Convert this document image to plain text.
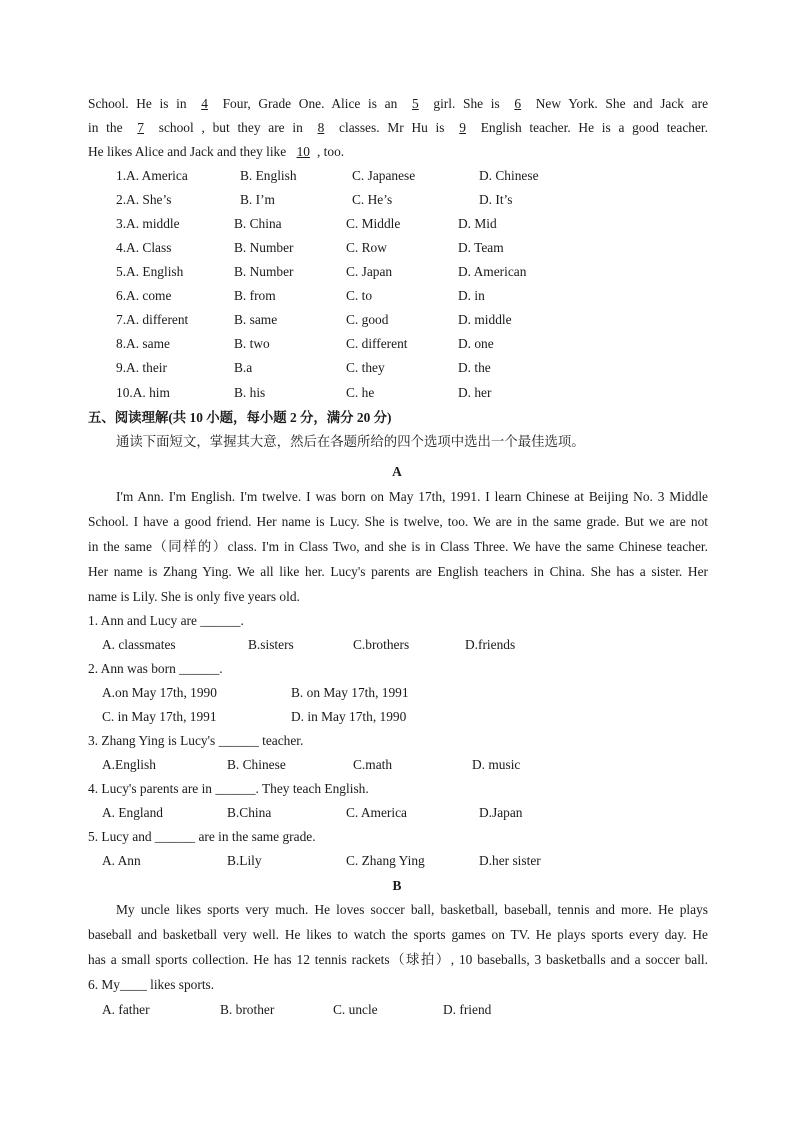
School. He is in 4 Four, Grade One. Alice is an 5 girl. She is 6 New York. She and Jack are
in the 7 school , but they are in 8 classes. Mr Hu is 9 English teacher. He is a good teacher.
He likes Alice and Jack and they like 10 , too.
1.A. America	B. English	C. Japanese	D. Chinese
2.A. She’s	B. I’m	C. He’s	D. It’s
3.A. middle	B. China	C. Middle	D. Mid
4.A. Class	B. Number	C. Row	D. Team
5.A. English	B. Number	C. Japan	D. American
6.A. come	B. from	C. to	D. in
7.A. different	B. same	C. good	D. middle
8.A. same	B. two	C. different	D. one
9.A. their	B.a	C. they	D. the
10.A. him	B. his	C. he	D. her
五、阅读理解(共 10 小题，每小题 2 分，满分 20 分)
通读下面短文，掌握其大意，然后在各题所给的四个选项中选出一个最佳选项。
A
I'm Ann. I'm English. I'm twelve. I was born on May 17th, 1991. I learn Chinese at Beijing No. 3 Middle
School. I have a good friend. Her name is Lucy. She is twelve, too. We are in the same grade. But we are not
in the same（同样的）class. I'm in Class Two, and she is in Class Three. We have the same Chinese teacher.
Her name is Zhang Ying. We all like her. Lucy's parents are English teachers in China. She has a sister. Her
name is Lily. She is only five years old.
1. Ann and Lucy are ______.
A. classmates	B.sisters	C.brothers	D.friends
2. Ann was born ______.
A.on May 17th, 1990	B. on May 17th, 1991
C. in May 17th, 1991	D. in May 17th, 1990
3. Zhang Ying is Lucy's ______ teacher.
A.English	B. Chinese	C.math	D. music
4. Lucy's parents are in ______. They teach English.
A. England	B.China	C. America	D.Japan
5. Lucy and ______ are in the same grade.
A. Ann	B.Lily	C. Zhang Ying	D.her sister
B
My uncle likes sports very much. He loves soccer ball, basketball, baseball, tennis and more. He plays
baseball and basketball very well. He likes to watch the sports games on TV. He plays sports every day. He
has a small sports collection. He has 12 tennis rackets（球拍）, 10 baseballs, 3 basketballs and a soccer ball.
6. My____ likes sports.
A. father	B. brother	C. uncle	D. friend
